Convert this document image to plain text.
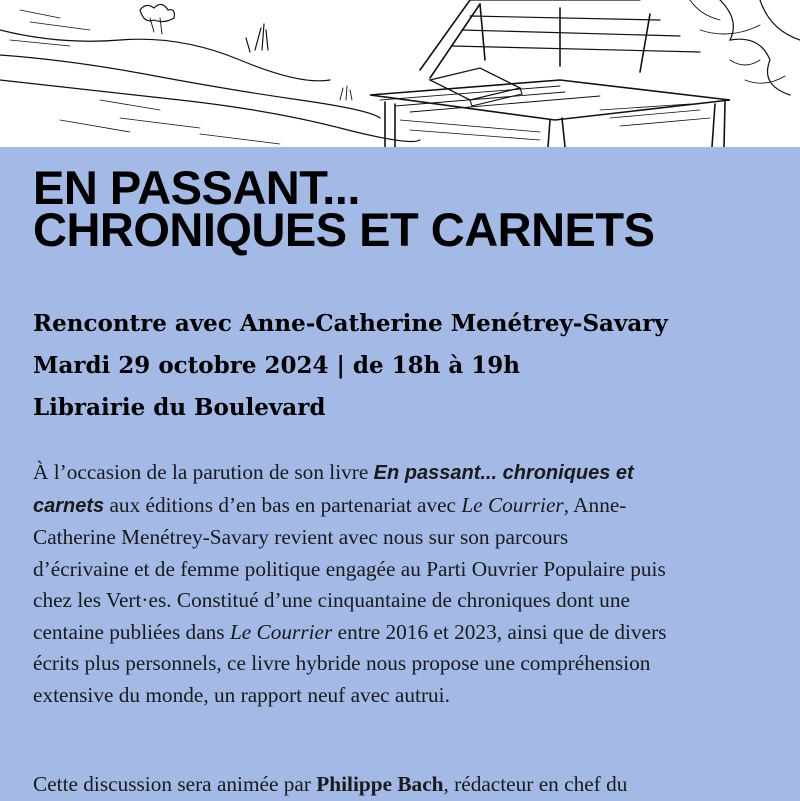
EN PASSANT...
CHRONIQUES ET CARNETS
Rencontre avec Anne-Catherine Menétrey-Savary
Mardi 29 octobre 2024 | de 18h à 19h
Librairie du Boulevard

À l’occasion de la parution de son livre En passant... chroniques et
carnets aux éditions d’en bas en partenariat avec Le Courrier, Anne-
Catherine Menétrey-Savary revient avec nous sur son parcours
d’écrivaine et de femme politique engagée au Parti Ouvrier Populaire puis
chez les Vert·es. Constitué d’une cinquantaine de chroniques dont une
centaine publiées dans Le Courrier entre 2016 et 2023, ainsi que de divers
écrits plus personnels, ce livre hybride nous propose une compréhension
extensive du monde, un rapport neuf avec autrui.

Cette discussion sera animée par Philippe Bach, rédacteur en chef du
